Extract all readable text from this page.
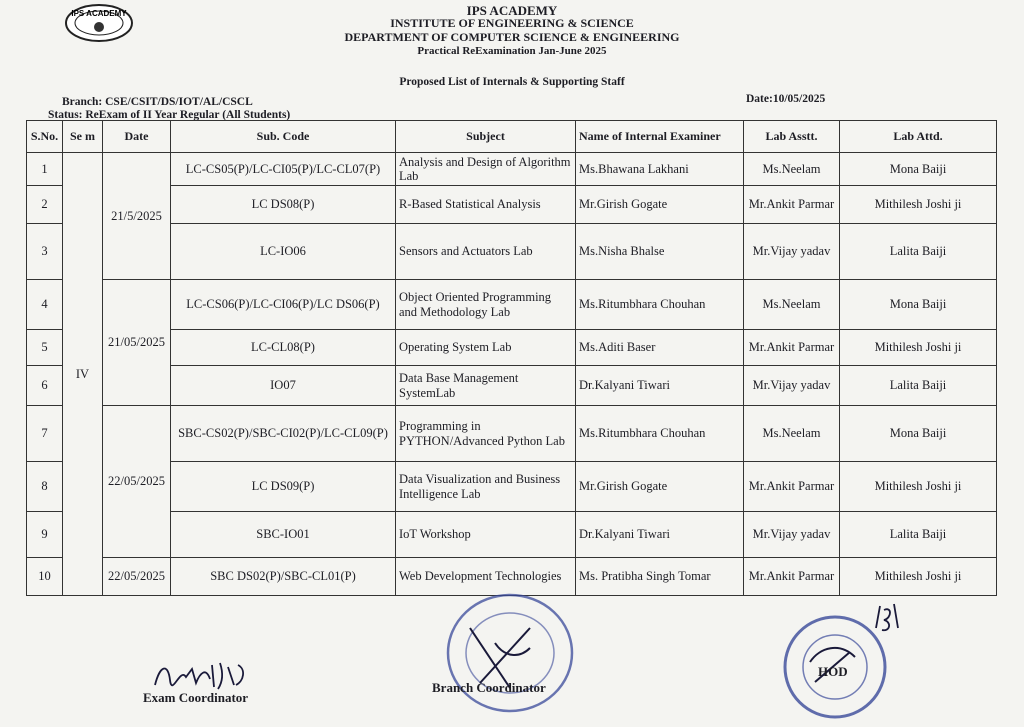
IPS ACADEMY	IPS ACADEMY
INSTITUTE OF ENGINEERING & SCIENCE
DEPARTMENT OF COMPUTER SCIENCE & ENGINEERING
Practical ReExamination Jan-June 2025
Proposed List of Internals & Supporting Staff
Branch: CSE/CSIT/DS/IOT/AL/CSCL
Status: ReExam of II Year Regular (All Students)
Date:10/05/2025
S.No.	Se m	Date	Sub. Code	Subject	Name of Internal Examiner	Lab Asstt.	Lab Attd.
1	IV	21/5/2025	LC-CS05(P)/LC-CI05(P)/LC-CL07(P)	Analysis and Design of Algorithm Lab	Ms.Bhawana Lakhani	Ms.Neelam	Mona Baiji
2			LC DS08(P)	R-Based Statistical Analysis	Mr.Girish Gogate	Mr.Ankit Parmar	Mithilesh Joshi ji
3			LC-IO06	Sensors and Actuators Lab	Ms.Nisha Bhalse	Mr.Vijay yadav	Lalita Baiji
4		21/05/2025	LC-CS06(P)/LC-CI06(P)/LC DS06(P)	Object Oriented Programming and Methodology Lab	Ms.Ritumbhara Chouhan	Ms.Neelam	Mona Baiji
5			LC-CL08(P)	Operating System Lab	Ms.Aditi Baser	Mr.Ankit Parmar	Mithilesh Joshi ji
6			IO07	Data Base Management SystemLab	Dr.Kalyani Tiwari	Mr.Vijay yadav	Lalita Baiji
7		22/05/2025	SBC-CS02(P)/SBC-CI02(P)/LC-CL09(P)	Programming in PYTHON/Advanced Python Lab	Ms.Ritumbhara Chouhan	Ms.Neelam	Mona Baiji
8			LC DS09(P)	Data Visualization and Business Intelligence Lab	Mr.Girish Gogate	Mr.Ankit Parmar	Mithilesh Joshi ji
9			SBC-IO01	IoT Workshop	Dr.Kalyani Tiwari	Mr.Vijay yadav	Lalita Baiji
10		22/05/2025	SBC DS02(P)/SBC-CL01(P)	Web Development Technologies	Ms. Pratibha Singh Tomar	Mr.Ankit Parmar	Mithilesh Joshi ji
Exam Coordinator
Branch Coordinator
HOD
